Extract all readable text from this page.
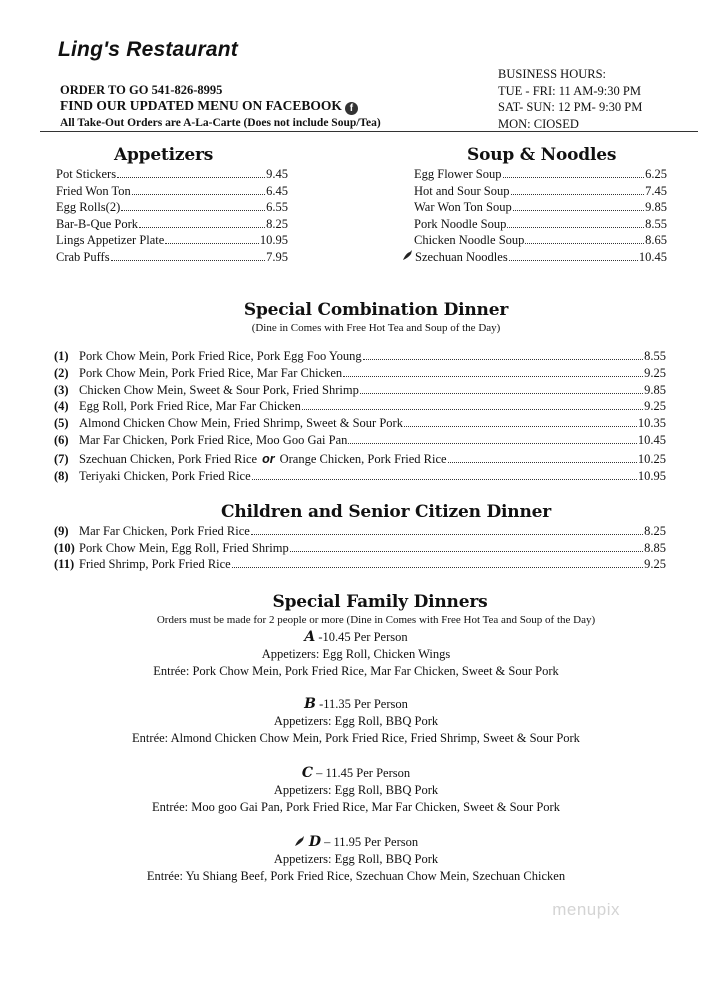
Ling's Restaurant
ORDER TO GO 541-826-8995
FIND OUR UPDATED MENU ON FACEBOOK f
All Take-Out Orders are A-La-Carte (Does not include Soup/Tea)
BUSINESS HOURS:
TUE - FRI: 11 AM-9:30 PM
SAT- SUN: 12 PM- 9:30 PM
MON: CIOSED
Appetizers
Pot Stickers	9.45
Fried Won Ton	6.45
Egg Rolls(2)	6.55
Bar-B-Que Pork	8.25
Lings Appetizer Plate	10.95
Crab Puffs	7.95
Soup & Noodles
Egg Flower Soup	6.25
Hot and Sour Soup	7.45
War Won Ton Soup	9.85
Pork Noodle Soup	8.55
Chicken Noodle Soup	8.65
Szechuan Noodles	10.45
Special Combination Dinner
(Dine in Comes with Free Hot Tea and Soup of the Day)
(1) Pork Chow Mein, Pork Fried Rice, Pork Egg Foo Young	8.55
(2) Pork Chow Mein, Pork Fried Rice, Mar Far Chicken	9.25
(3) Chicken Chow Mein, Sweet & Sour Pork, Fried Shrimp	9.85
(4) Egg Roll, Pork Fried Rice, Mar Far Chicken	9.25
(5) Almond Chicken Chow Mein, Fried Shrimp, Sweet & Sour Pork	10.35
(6) Mar Far Chicken, Pork Fried Rice, Moo Goo Gai Pan	10.45
(7) Szechuan Chicken, Pork Fried Rice or Orange Chicken, Pork Fried Rice	10.25
(8) Teriyaki Chicken, Pork Fried Rice	10.95
Children and Senior Citizen Dinner
(9) Mar Far Chicken, Pork Fried Rice	8.25
(10) Pork Chow Mein, Egg Roll, Fried Shrimp	8.85
(11) Fried Shrimp, Pork Fried Rice	9.25
Special Family Dinners
Orders must be made for 2 people or more (Dine in Comes with Free Hot Tea and Soup of the Day)
A -10.45 Per Person
Appetizers: Egg Roll, Chicken Wings
Entrée: Pork Chow Mein, Pork Fried Rice, Mar Far Chicken, Sweet & Sour Pork
B -11.35 Per Person
Appetizers: Egg Roll, BBQ Pork
Entrée: Almond Chicken Chow Mein, Pork Fried Rice, Fried Shrimp, Sweet & Sour Pork
C – 11.45 Per Person
Appetizers: Egg Roll, BBQ Pork
Entrée: Moo goo Gai Pan, Pork Fried Rice, Mar Far Chicken, Sweet & Sour Pork
D – 11.95 Per Person
Appetizers: Egg Roll, BBQ Pork
Entrée: Yu Shiang Beef, Pork Fried Rice, Szechuan Chow Mein, Szechuan Chicken
menupix
